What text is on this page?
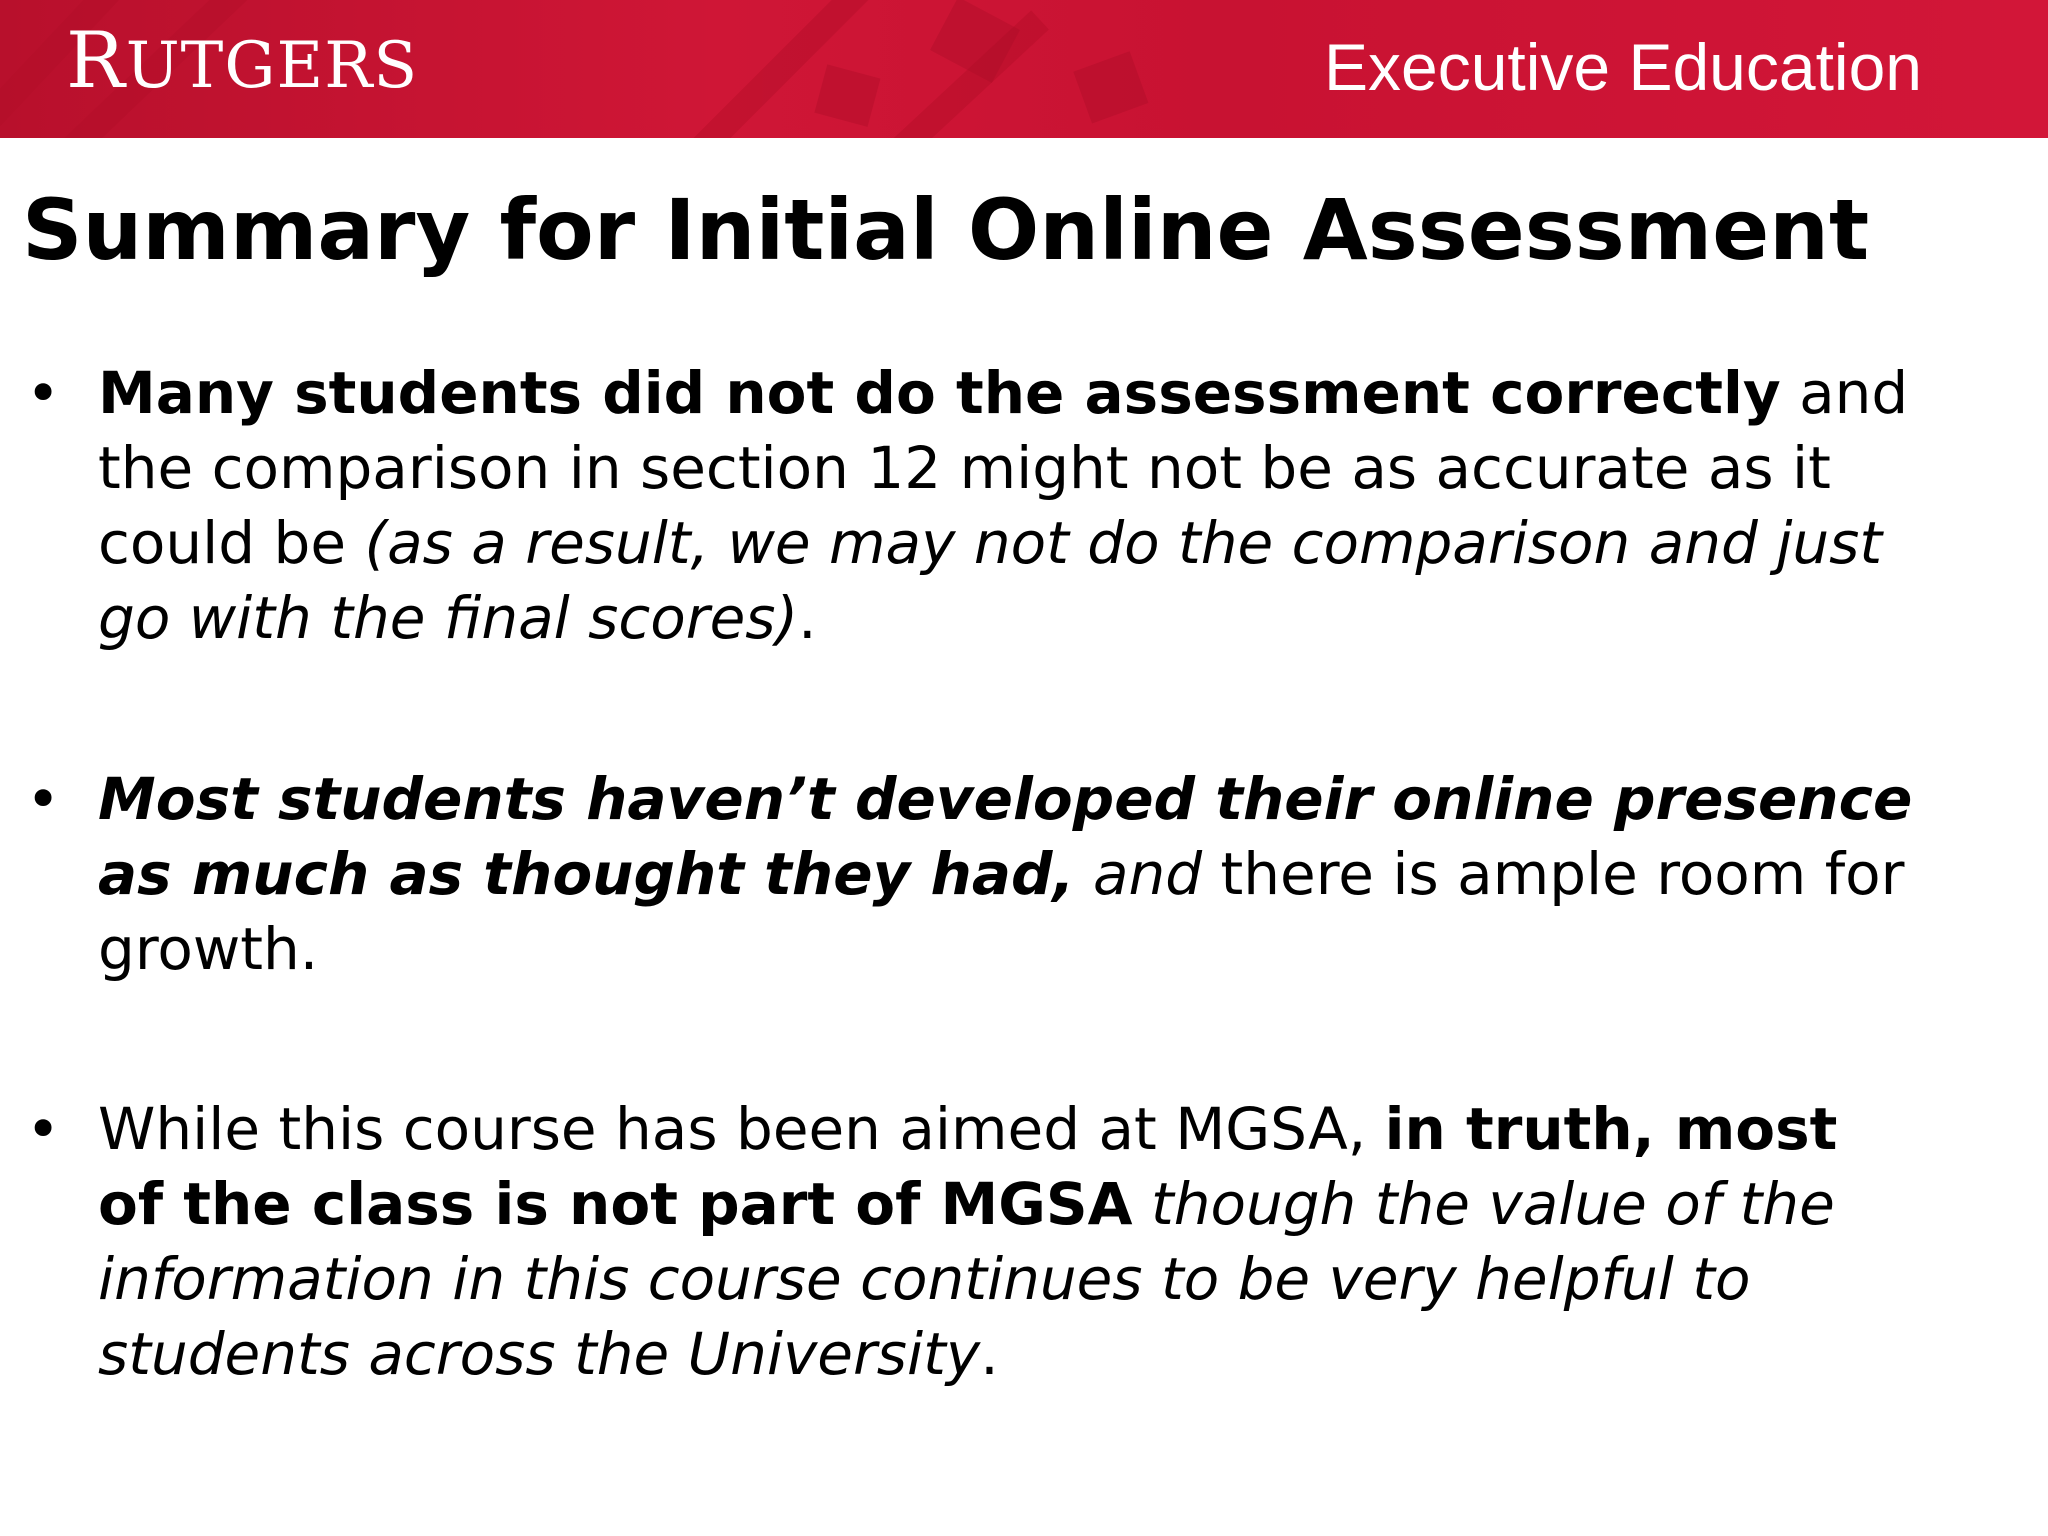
RUTGERS	Executive Education
Summary for Initial Online Assessment
• Many students did not do the assessment correctly and
the comparison in section 12 might not be as accurate as it
could be (as a result, we may not do the comparison and just
go with the final scores).
• Most students haven’t developed their online presence
as much as thought they had, and there is ample room for
growth.
• While this course has been aimed at MGSA, in truth, most
of the class is not part of MGSA though the value of the
information in this course continues to be very helpful to
students across the University.
